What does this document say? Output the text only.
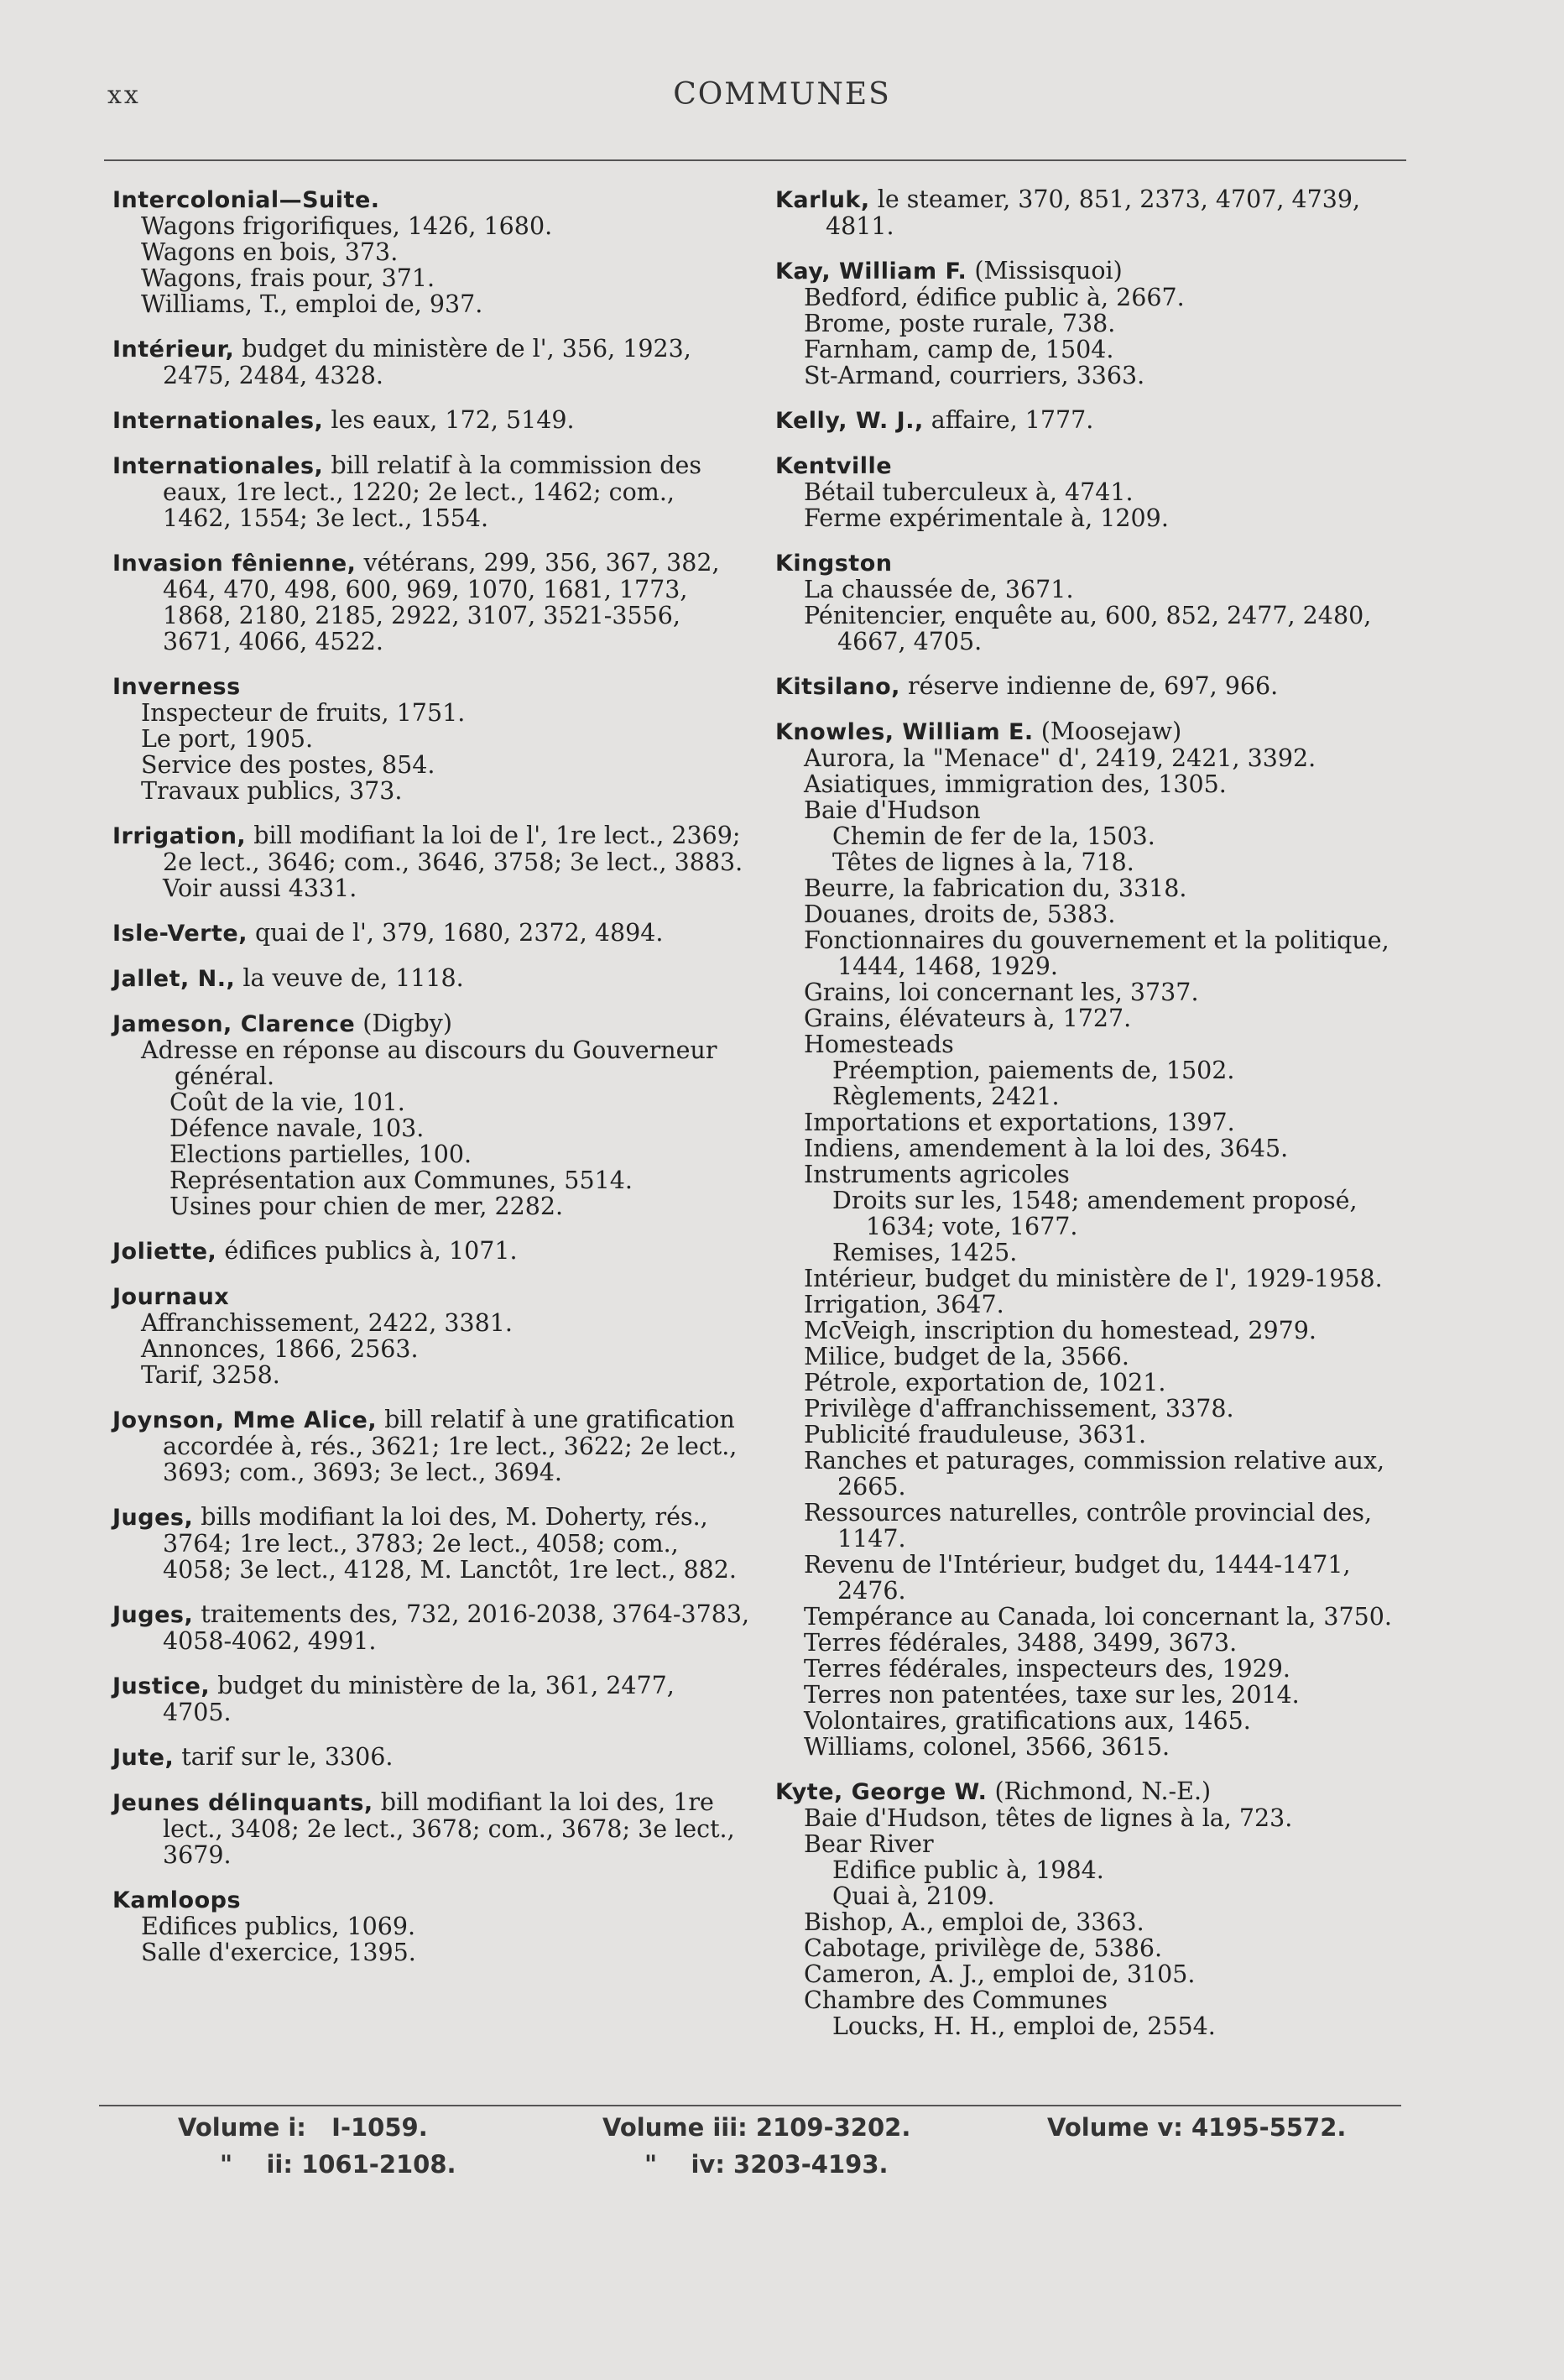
xx	COMMUNES
Intercolonial—Suite.
Wagons frigorifiques, 1426, 1680.
Wagons en bois, 373.
Wagons, frais pour, 371.
Williams, T., emploi de, 937.
Intérieur, budget du ministère de l', 356, 1923, 2475, 2484, 4328.
Internationales, les eaux, 172, 5149.
Internationales, bill relatif à la commission des eaux, 1re lect., 1220; 2e lect., 1462; com., 1462, 1554; 3e lect., 1554.
Invasion fênienne, vétérans, 299, 356, 367, 382, 464, 470, 498, 600, 969, 1070, 1681, 1773, 1868, 2180, 2185, 2922, 3107, 3521-3556, 3671, 4066, 4522.
Inverness
Inspecteur de fruits, 1751.
Le port, 1905.
Service des postes, 854.
Travaux publics, 373.
Irrigation, bill modifiant la loi de l', 1re lect., 2369; 2e lect., 3646; com., 3646, 3758; 3e lect., 3883. Voir aussi 4331.
Isle-Verte, quai de l', 379, 1680, 2372, 4894.
Jallet, N., la veuve de, 1118.
Jameson, Clarence (Digby)
Adresse en réponse au discours du Gouverneur général.
Coût de la vie, 101.
Défence navale, 103.
Elections partielles, 100.
Représentation aux Communes, 5514.
Usines pour chien de mer, 2282.
Joliette, édifices publics à, 1071.
Journaux
Affranchissement, 2422, 3381.
Annonces, 1866, 2563.
Tarif, 3258.
Joynson, Mme Alice, bill relatif à une gratification accordée à, rés., 3621; 1re lect., 3622; 2e lect., 3693; com., 3693; 3e lect., 3694.
Juges, bills modifiant la loi des, M. Doherty, rés., 3764; 1re lect., 3783; 2e lect., 4058; com., 4058; 3e lect., 4128, M. Lanctôt, 1re lect., 882.
Juges, traitements des, 732, 2016-2038, 3764-3783, 4058-4062, 4991.
Justice, budget du ministère de la, 361, 2477, 4705.
Jute, tarif sur le, 3306.
Jeunes délinquants, bill modifiant la loi des, 1re lect., 3408; 2e lect., 3678; com., 3678; 3e lect., 3679.
Kamloops
Edifices publics, 1069.
Salle d'exercice, 1395.
Karluk, le steamer, 370, 851, 2373, 4707, 4739, 4811.
Kay, William F. (Missisquoi)
Bedford, édifice public à, 2667.
Brome, poste rurale, 738.
Farnham, camp de, 1504.
St-Armand, courriers, 3363.
Kelly, W. J., affaire, 1777.
Kentville
Bétail tuberculeux à, 4741.
Ferme expérimentale à, 1209.
Kingston
La chaussée de, 3671.
Pénitencier, enquête au, 600, 852, 2477, 2480, 4667, 4705.
Kitsilano, réserve indienne de, 697, 966.
Knowles, William E. (Moosejaw)
Aurora, la "Menace" d', 2419, 2421, 3392.
Asiatiques, immigration des, 1305.
Baie d'Hudson
Chemin de fer de la, 1503.
Têtes de lignes à la, 718.
Beurre, la fabrication du, 3318.
Douanes, droits de, 5383.
Fonctionnaires du gouvernement et la politique, 1444, 1468, 1929.
Grains, loi concernant les, 3737.
Grains, élévateurs à, 1727.
Homesteads
Préemption, paiements de, 1502.
Règlements, 2421.
Importations et exportations, 1397.
Indiens, amendement à la loi des, 3645.
Instruments agricoles
Droits sur les, 1548; amendement proposé, 1634; vote, 1677.
Remises, 1425.
Intérieur, budget du ministère de l', 1929-1958.
Irrigation, 3647.
McVeigh, inscription du homestead, 2979.
Milice, budget de la, 3566.
Pétrole, exportation de, 1021.
Privilège d'affranchissement, 3378.
Publicité frauduleuse, 3631.
Ranches et paturages, commission relative aux, 2665.
Ressources naturelles, contrôle provincial des, 1147.
Revenu de l'Intérieur, budget du, 1444-1471, 2476.
Tempérance au Canada, loi concernant la, 3750.
Terres fédérales, 3488, 3499, 3673.
Terres fédérales, inspecteurs des, 1929.
Terres non patentées, taxe sur les, 2014.
Volontaires, gratifications aux, 1465.
Williams, colonel, 3566, 3615.
Kyte, George W. (Richmond, N.-E.)
Baie d'Hudson, têtes de lignes à la, 723.
Bear River
Edifice public à, 1984.
Quai à, 2109.
Bishop, A., emploi de, 3363.
Cabotage, privilège de, 5386.
Cameron, A. J., emploi de, 3105.
Chambre des Communes
Loucks, H. H., emploi de, 2554.
Volume i:   I-1059.
"    ii: 1061-2108.
Volume iii: 2109-3202.
"    iv: 3203-4193.
Volume v: 4195-5572.
